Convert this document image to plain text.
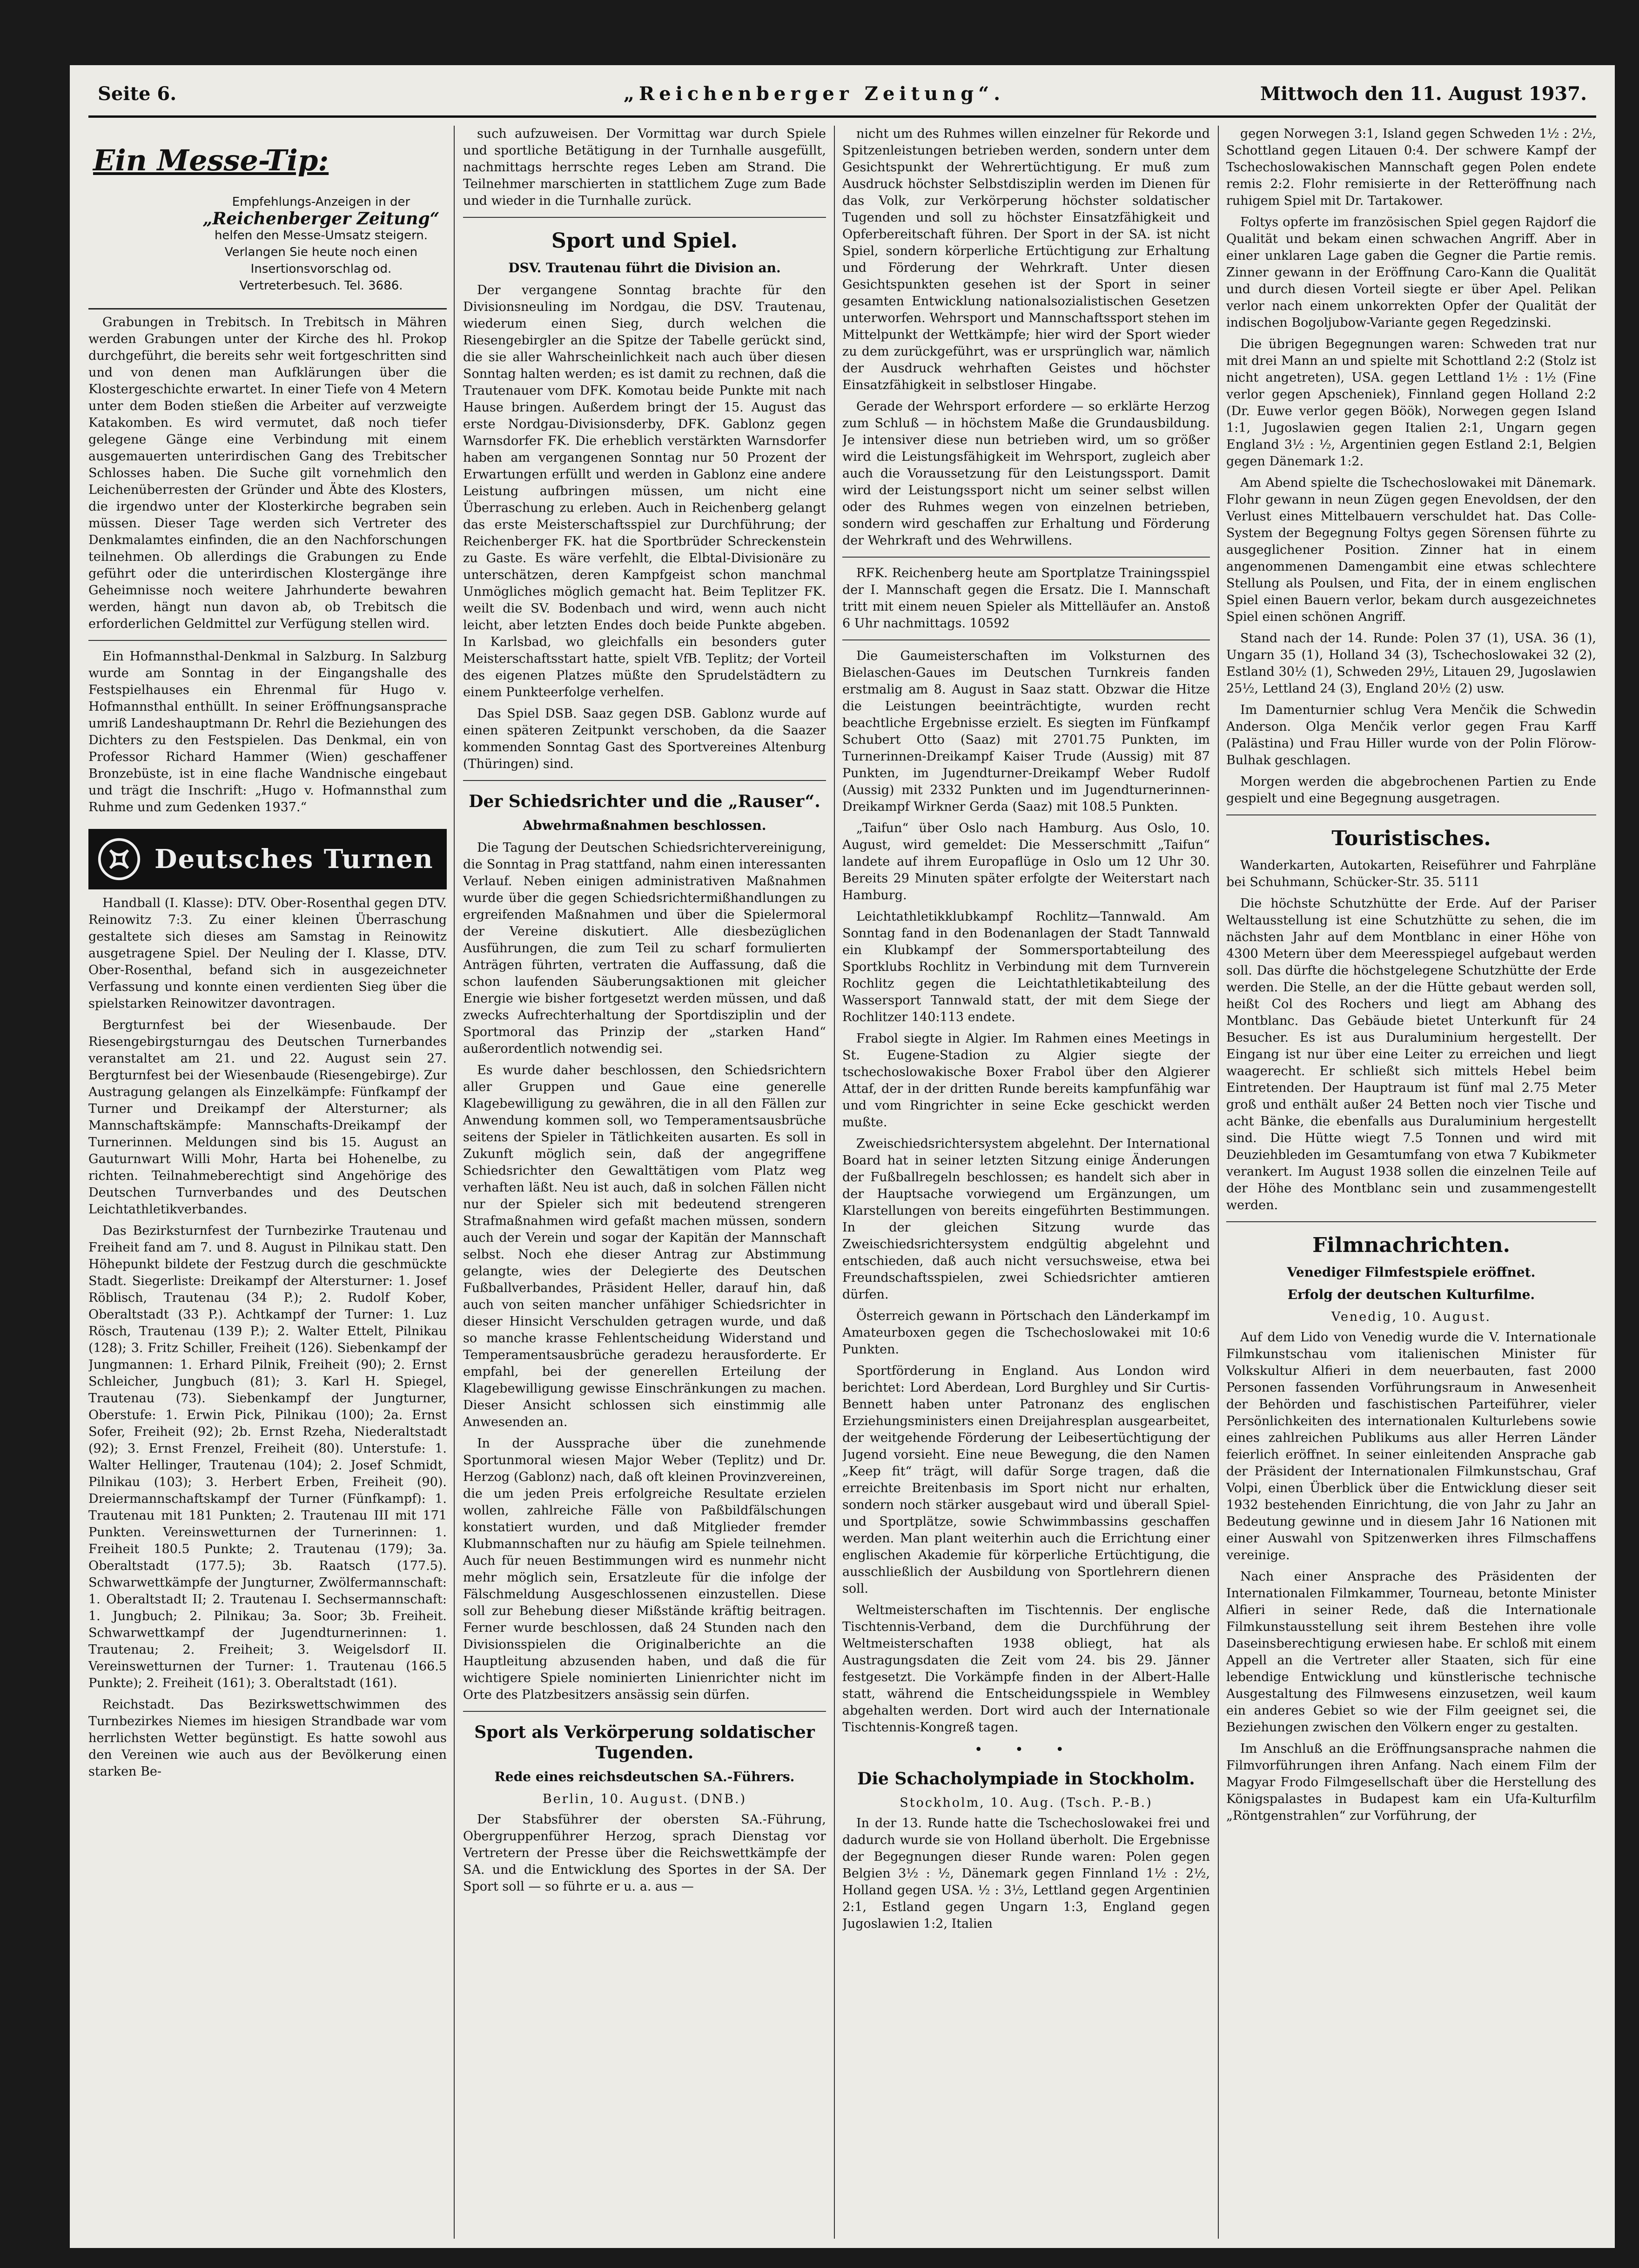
Seite 6.	„Reichenberger Zeitung“.	Mittwoch den 11. August 1937.
Ein Messe-Tip:
Empfehlungs-Anzeigen in der
„Reichenberger Zeitung“
helfen den Messe-Umsatz steigern. Verlangen Sie heute noch einen Insertionsvorschlag od. Vertreterbesuch. Tel. 3686.

Grabungen in Trebitsch. In Trebitsch in Mähren werden Grabungen unter der Kirche des hl. Prokop durchgeführt, die bereits sehr weit fortgeschritten sind und von denen man Aufklärungen über die Klostergeschichte erwartet. In einer Tiefe von 4 Metern unter dem Boden stießen die Arbeiter auf verzweigte Katakomben. Es wird vermutet, daß noch tiefer gelegene Gänge eine Verbindung mit einem ausgemauerten unterirdischen Gang des Trebitscher Schlosses haben. Die Suche gilt vornehmlich den Leichenüberresten der Gründer und Äbte des Klosters, die irgendwo unter der Klosterkirche begraben sein müssen. Dieser Tage werden sich Vertreter des Denkmalamtes einfinden, die an den Nachforschungen teilnehmen. Ob allerdings die Grabungen zu Ende geführt oder die unterirdischen Klostergänge ihre Geheimnisse noch weitere Jahrhunderte bewahren werden, hängt nun davon ab, ob Trebitsch die erforderlichen Geldmittel zur Verfügung stellen wird.

Ein Hofmannsthal-Denkmal in Salzburg. In Salzburg wurde am Sonntag in der Eingangshalle des Festspielhauses ein Ehrenmal für Hugo v. Hofmannsthal enthüllt. In seiner Eröffnungsansprache umriß Landeshauptmann Dr. Rehrl die Beziehungen des Dichters zu den Festspielen. Das Denkmal, ein von Professor Richard Hammer (Wien) geschaffener Bronzebüste, ist in eine flache Wandnische eingebaut und trägt die Inschrift: „Hugo v. Hofmannsthal zum Ruhme und zum Gedenken 1937.“

Deutsches Turnen

Handball (I. Klasse): DTV. Ober-Rosenthal gegen DTV. Reinowitz 7:3. Zu einer kleinen Überraschung gestaltete sich dieses am Samstag in Reinowitz ausgetragene Spiel. Der Neuling der I. Klasse, DTV. Ober-Rosenthal, befand sich in ausgezeichneter Verfassung und konnte einen verdienten Sieg über die spielstarken Reinowitzer davontragen.

Bergturnfest bei der Wiesenbaude. Der Riesengebirgsturngau des Deutschen Turnerbandes veranstaltet am 21. und 22. August sein 27. Bergturnfest bei der Wiesenbaude (Riesengebirge). Zur Austragung gelangen als Einzelkämpfe: Fünfkampf der Turner und Dreikampf der Altersturner; als Mannschaftskämpfe: Mannschafts-Dreikampf der Turnerinnen. Meldungen sind bis 15. August an Gauturnwart Willi Mohr, Harta bei Hohenelbe, zu richten. Teilnahmeberechtigt sind Angehörige des Deutschen Turnverbandes und des Deutschen Leichtathletikverbandes.

Das Bezirksturnfest der Turnbezirke Trautenau und Freiheit fand am 7. und 8. August in Pilnikau statt. Den Höhepunkt bildete der Festzug durch die geschmückte Stadt. Siegerliste: Dreikampf der Altersturner: 1. Josef Röblisch, Trautenau (34 P.); 2. Rudolf Kober, Oberaltstadt (33 P.). Achtkampf der Turner: 1. Luz Rösch, Trautenau (139 P.); 2. Walter Ettelt, Pilnikau (128); 3. Fritz Schiller, Freiheit (126). Siebenkampf der Jungmannen: 1. Erhard Pilnik, Freiheit (90); 2. Ernst Schleicher, Jungbuch (81); 3. Karl H. Spiegel, Trautenau (73). Siebenkampf der Jungturner, Oberstufe: 1. Erwin Pick, Pilnikau (100); 2a. Ernst Sofer, Freiheit (92); 2b. Ernst Rzeha, Niederaltstadt (92); 3. Ernst Frenzel, Freiheit (80). Unterstufe: 1. Walter Hellinger, Trautenau (104); 2. Josef Schmidt, Pilnikau (103); 3. Herbert Erben, Freiheit (90). Dreiermannschaftskampf der Turner (Fünfkampf): 1. Trautenau mit 181 Punkten; 2. Trautenau III mit 171 Punkten. Vereinswetturnen der Turnerinnen: 1. Freiheit 180.5 Punkte; 2. Trautenau (179); 3a. Oberaltstadt (177.5); 3b. Raatsch (177.5). Schwarwettkämpfe der Jungturner, Zwölfermannschaft: 1. Oberaltstadt II; 2. Trautenau I. Sechsermannschaft: 1. Jungbuch; 2. Pilnikau; 3a. Soor; 3b. Freiheit. Schwarwettkampf der Jugendturnerinnen: 1. Trautenau; 2. Freiheit; 3. Weigelsdorf II. Vereinswetturnen der Turner: 1. Trautenau (166.5 Punkte); 2. Freiheit (161); 3. Oberaltstadt (161).

Reichstadt. Das Bezirkswettschwimmen des Turnbezirkes Niemes im hiesigen Strandbade war vom herrlichsten Wetter begünstigt. Es hatte sowohl aus den Vereinen wie auch aus der Bevölkerung einen starken Be-

such aufzuweisen. Der Vormittag war durch Spiele und sportliche Betätigung in der Turnhalle ausgefüllt, nachmittags herrschte reges Leben am Strand. Die Teilnehmer marschierten in stattlichem Zuge zum Bade und wieder in die Turnhalle zurück.

Sport und Spiel.
DSV. Trautenau führt die Division an.

Der vergangene Sonntag brachte für den Divisionsneuling im Nordgau, die DSV. Trautenau, wiederum einen Sieg, durch welchen die Riesengebirgler an die Spitze der Tabelle gerückt sind, die sie aller Wahrscheinlichkeit nach auch über diesen Sonntag halten werden; es ist damit zu rechnen, daß die Trautenauer vom DFK. Komotau beide Punkte mit nach Hause bringen. Außerdem bringt der 15. August das erste Nordgau-Divisionsderby, DFK. Gablonz gegen Warnsdorfer FK. Die erheblich verstärkten Warnsdorfer haben am vergangenen Sonntag nur 50 Prozent der Erwartungen erfüllt und werden in Gablonz eine andere Leistung aufbringen müssen, um nicht eine Überraschung zu erleben. Auch in Reichenberg gelangt das erste Meisterschaftsspiel zur Durchführung; der Reichenberger FK. hat die Sportbrüder Schreckenstein zu Gaste. Es wäre verfehlt, die Elbtal-Divisionäre zu unterschätzen, deren Kampfgeist schon manchmal Unmögliches möglich gemacht hat. Beim Teplitzer FK. weilt die SV. Bodenbach und wird, wenn auch nicht leicht, aber letzten Endes doch beide Punkte abgeben. In Karlsbad, wo gleichfalls ein besonders guter Meisterschaftsstart hatte, spielt VfB. Teplitz; der Vorteil des eigenen Platzes müßte den Sprudelstädtern zu einem Punkteerfolge verhelfen.

Das Spiel DSB. Saaz gegen DSB. Gablonz wurde auf einen späteren Zeitpunkt verschoben, da die Saazer kommenden Sonntag Gast des Sportvereines Altenburg (Thüringen) sind.

Der Schiedsrichter und die „Rauser“.
Abwehrmaßnahmen beschlossen.

Die Tagung der Deutschen Schiedsrichtervereinigung, die Sonntag in Prag stattfand, nahm einen interessanten Verlauf. Neben einigen administrativen Maßnahmen wurde über die gegen Schiedsrichtermißhandlungen zu ergreifenden Maßnahmen und über die Spielermoral der Vereine diskutiert. Alle diesbezüglichen Ausführungen, die zum Teil zu scharf formulierten Anträgen führten, vertraten die Auffassung, daß die schon laufenden Säuberungsaktionen mit gleicher Energie wie bisher fortgesetzt werden müssen, und daß zwecks Aufrechterhaltung der Sportdisziplin und der Sportmoral das Prinzip der „starken Hand“ außerordentlich notwendig sei.

Es wurde daher beschlossen, den Schiedsrichtern aller Gruppen und Gaue eine generelle Klagebewilligung zu gewähren, die in all den Fällen zur Anwendung kommen soll, wo Temperamentsausbrüche seitens der Spieler in Tätlichkeiten ausarten. Es soll in Zukunft möglich sein, daß der angegriffene Schiedsrichter den Gewalttätigen vom Platz weg verhaften läßt. Neu ist auch, daß in solchen Fällen nicht nur der Spieler sich mit bedeutend strengeren Strafmaßnahmen wird gefaßt machen müssen, sondern auch der Verein und sogar der Kapitän der Mannschaft selbst. Noch ehe dieser Antrag zur Abstimmung gelangte, wies der Delegierte des Deutschen Fußballverbandes, Präsident Heller, darauf hin, daß auch von seiten mancher unfähiger Schiedsrichter in dieser Hinsicht Verschulden getragen wurde, und daß so manche krasse Fehlentscheidung Widerstand und Temperamentsausbrüche geradezu herausforderte. Er empfahl, bei der generellen Erteilung der Klagebewilligung gewisse Einschränkungen zu machen. Dieser Ansicht schlossen sich einstimmig alle Anwesenden an.

In der Aussprache über die zunehmende Sportunmoral wiesen Major Weber (Teplitz) und Dr. Herzog (Gablonz) nach, daß oft kleinen Provinzvereinen, die um jeden Preis erfolgreiche Resultate erzielen wollen, zahlreiche Fälle von Paßbildfälschungen konstatiert wurden, und daß Mitglieder fremder Klubmannschaften nur zu häufig am Spiele teilnehmen. Auch für neuen Bestimmungen wird es nunmehr nicht mehr möglich sein, Ersatzleute für die infolge der Fälschmeldung Ausgeschlossenen einzustellen. Diese soll zur Behebung dieser Mißstände kräftig beitragen. Ferner wurde beschlossen, daß 24 Stunden nach den Divisionsspielen die Originalberichte an die Hauptleitung abzusenden haben, und daß die für wichtigere Spiele nominierten Linienrichter nicht im Orte des Platzbesitzers ansässig sein dürfen.

Sport als Verkörperung soldatischer Tugenden.
Rede eines reichsdeutschen SA.-Führers.
Berlin, 10. August. (DNB.)

Der Stabsführer der obersten SA.-Führung, Obergruppenführer Herzog, sprach Dienstag vor Vertretern der Presse über die Reichswettkämpfe der SA. und die Entwicklung des Sportes in der SA. Der Sport soll — so führte er u. a. aus —

nicht um des Ruhmes willen einzelner für Rekorde und Spitzenleistungen betrieben werden, sondern unter dem Gesichtspunkt der Wehrertüchtigung. Er muß zum Ausdruck höchster Selbstdisziplin werden im Dienen für das Volk, zur Verkörperung höchster soldatischer Tugenden und soll zu höchster Einsatzfähigkeit und Opferbereitschaft führen. Der Sport in der SA. ist nicht Spiel, sondern körperliche Ertüchtigung zur Erhaltung und Förderung der Wehrkraft. Unter diesen Gesichtspunkten gesehen ist der Sport in seiner gesamten Entwicklung nationalsozialistischen Gesetzen unterworfen. Wehrsport und Mannschaftssport stehen im Mittelpunkt der Wettkämpfe; hier wird der Sport wieder zu dem zurückgeführt, was er ursprünglich war, nämlich der Ausdruck wehrhaften Geistes und höchster Einsatzfähigkeit in selbstloser Hingabe.

Gerade der Wehrsport erfordere — so erklärte Herzog zum Schluß — in höchstem Maße die Grundausbildung. Je intensiver diese nun betrieben wird, um so größer wird die Leistungsfähigkeit im Wehrsport, zugleich aber auch die Voraussetzung für den Leistungssport. Damit wird der Leistungssport nicht um seiner selbst willen oder des Ruhmes wegen von einzelnen betrieben, sondern wird geschaffen zur Erhaltung und Förderung der Wehrkraft und des Wehrwillens.

RFK. Reichenberg heute am Sportplatze Trainingsspiel der I. Mannschaft gegen die Ersatz. Die I. Mannschaft tritt mit einem neuen Spieler als Mittelläufer an. Anstoß 6 Uhr nachmittags. 10592

Die Gaumeisterschaften im Volksturnen des Bielaschen-Gaues im Deutschen Turnkreis fanden erstmalig am 8. August in Saaz statt. Obzwar die Hitze die Leistungen beeinträchtigte, wurden recht beachtliche Ergebnisse erzielt. Es siegten im Fünfkampf Schubert Otto (Saaz) mit 2701.75 Punkten, im Turnerinnen-Dreikampf Kaiser Trude (Aussig) mit 87 Punkten, im Jugendturner-Dreikampf Weber Rudolf (Aussig) mit 2332 Punkten und im Jugendturnerinnen-Dreikampf Wirkner Gerda (Saaz) mit 108.5 Punkten.

„Taifun“ über Oslo nach Hamburg. Aus Oslo, 10. August, wird gemeldet: Die Messerschmitt „Taifun“ landete auf ihrem Europaflüge in Oslo um 12 Uhr 30. Bereits 29 Minuten später erfolgte der Weiterstart nach Hamburg.

Leichtathletikklubkampf Rochlitz—Tannwald. Am Sonntag fand in den Bodenanlagen der Stadt Tannwald ein Klubkampf der Sommersportabteilung des Sportklubs Rochlitz in Verbindung mit dem Turnverein Rochlitz gegen die Leichtathletikabteilung des Wassersport Tannwald statt, der mit dem Siege der Rochlitzer 140:113 endete.

Frabol siegte in Algier. Im Rahmen eines Meetings in St. Eugene-Stadion zu Algier siegte der tschechoslowakische Boxer Frabol über den Algierer Attaf, der in der dritten Runde bereits kampfunfähig war und vom Ringrichter in seine Ecke geschickt werden mußte.

Zweischiedsrichtersystem abgelehnt. Der International Board hat in seiner letzten Sitzung einige Änderungen der Fußballregeln beschlossen; es handelt sich aber in der Hauptsache vorwiegend um Ergänzungen, um Klarstellungen von bereits eingeführten Bestimmungen. In der gleichen Sitzung wurde das Zweischiedsrichtersystem endgültig abgelehnt und entschieden, daß auch nicht versuchsweise, etwa bei Freundschaftsspielen, zwei Schiedsrichter amtieren dürfen.

Österreich gewann in Pörtschach den Länderkampf im Amateurboxen gegen die Tschechoslowakei mit 10:6 Punkten.

Sportförderung in England. Aus London wird berichtet: Lord Aberdean, Lord Burghley und Sir Curtis-Bennett haben unter Patronanz des englischen Erziehungsministers einen Dreijahresplan ausgearbeitet, der weitgehende Förderung der Leibesertüchtigung der Jugend vorsieht. Eine neue Bewegung, die den Namen „Keep fit“ trägt, will dafür Sorge tragen, daß die erreichte Breitenbasis im Sport nicht nur erhalten, sondern noch stärker ausgebaut wird und überall Spiel- und Sportplätze, sowie Schwimmbassins geschaffen werden. Man plant weiterhin auch die Errichtung einer englischen Akademie für körperliche Ertüchtigung, die ausschließlich der Ausbildung von Sportlehrern dienen soll.

Weltmeisterschaften im Tischtennis. Der englische Tischtennis-Verband, dem die Durchführung der Weltmeisterschaften 1938 obliegt, hat als Austragungsdaten die Zeit vom 24. bis 29. Jänner festgesetzt. Die Vorkämpfe finden in der Albert-Halle statt, während die Entscheidungsspiele in Wembley abgehalten werden. Dort wird auch der Internationale Tischtennis-Kongreß tagen.

• • •
Die Schacholympiade in Stockholm.
Stockholm, 10. Aug. (Tsch. P.-B.)

In der 13. Runde hatte die Tschechoslowakei frei und dadurch wurde sie von Holland überholt. Die Ergebnisse der Begegnungen dieser Runde waren: Polen gegen Belgien 3½ : ½, Dänemark gegen Finnland 1½ : 2½, Holland gegen USA. ½ : 3½, Lettland gegen Argentinien 2:1, Estland gegen Ungarn 1:3, England gegen Jugoslawien 1:2, Italien

gegen Norwegen 3:1, Island gegen Schweden 1½ : 2½, Schottland gegen Litauen 0:4. Der schwere Kampf der Tschechoslowakischen Mannschaft gegen Polen endete remis 2:2. Flohr remisierte in der Retteröffnung nach ruhigem Spiel mit Dr. Tartakower.

Foltys opferte im französischen Spiel gegen Rajdorf die Qualität und bekam einen schwachen Angriff. Aber in einer unklaren Lage gaben die Gegner die Partie remis. Zinner gewann in der Eröffnung Caro-Kann die Qualität und durch diesen Vorteil siegte er über Apel. Pelikan verlor nach einem unkorrekten Opfer der Qualität der indischen Bogoljubow-Variante gegen Regedzinski.

Die übrigen Begegnungen waren: Schweden trat nur mit drei Mann an und spielte mit Schottland 2:2 (Stolz ist nicht angetreten), USA. gegen Lettland 1½ : 1½ (Fine verlor gegen Apscheniek), Finnland gegen Holland 2:2 (Dr. Euwe verlor gegen Böök), Norwegen gegen Island 1:1, Jugoslawien gegen Italien 2:1, Ungarn gegen England 3½ : ½, Argentinien gegen Estland 2:1, Belgien gegen Dänemark 1:2.

Am Abend spielte die Tschechoslowakei mit Dänemark. Flohr gewann in neun Zügen gegen Enevoldsen, der den Verlust eines Mittelbauern verschuldet hat. Das Colle-System der Begegnung Foltys gegen Sörensen führte zu ausgeglichener Position. Zinner hat in einem angenommenen Damengambit eine etwas schlechtere Stellung als Poulsen, und Fita, der in einem englischen Spiel einen Bauern verlor, bekam durch ausgezeichnetes Spiel einen schönen Angriff.

Stand nach der 14. Runde: Polen 37 (1), USA. 36 (1), Ungarn 35 (1), Holland 34 (3), Tschechoslowakei 32 (2), Estland 30½ (1), Schweden 29½, Litauen 29, Jugoslawien 25½, Lettland 24 (3), England 20½ (2) usw.

Im Damenturnier schlug Vera Menčik die Schwedin Anderson. Olga Menčik verlor gegen Frau Karff (Palästina) und Frau Hiller wurde von der Polin Flörow-Bulhak geschlagen.

Morgen werden die abgebrochenen Partien zu Ende gespielt und eine Begegnung ausgetragen.

Touristisches.

Wanderkarten, Autokarten, Reiseführer und Fahrpläne bei Schuhmann, Schücker-Str. 35. 5111

Die höchste Schutzhütte der Erde. Auf der Pariser Weltausstellung ist eine Schutzhütte zu sehen, die im nächsten Jahr auf dem Montblanc in einer Höhe von 4300 Metern über dem Meeresspiegel aufgebaut werden soll. Das dürfte die höchstgelegene Schutzhütte der Erde werden. Die Stelle, an der die Hütte gebaut werden soll, heißt Col des Rochers und liegt am Abhang des Montblanc. Das Gebäude bietet Unterkunft für 24 Besucher. Es ist aus Duraluminium hergestellt. Der Eingang ist nur über eine Leiter zu erreichen und liegt waagerecht. Er schließt sich mittels Hebel beim Eintretenden. Der Hauptraum ist fünf mal 2.75 Meter groß und enthält außer 24 Betten noch vier Tische und acht Bänke, die ebenfalls aus Duraluminium hergestellt sind. Die Hütte wiegt 7.5 Tonnen und wird mit Deuziehbleden im Gesamtumfang von etwa 7 Kubikmeter verankert. Im August 1938 sollen die einzelnen Teile auf der Höhe des Montblanc sein und zusammengestellt werden.

Filmnachrichten.
Venediger Filmfestspiele eröffnet.
Erfolg der deutschen Kulturfilme.
Venedig, 10. August.

Auf dem Lido von Venedig wurde die V. Internationale Filmkunstschau vom italienischen Minister für Volkskultur Alfieri in dem neuerbauten, fast 2000 Personen fassenden Vorführungsraum in Anwesenheit der Behörden und faschistischen Parteiführer, vieler Persönlichkeiten des internationalen Kulturlebens sowie eines zahlreichen Publikums aus aller Herren Länder feierlich eröffnet. In seiner einleitenden Ansprache gab der Präsident der Internationalen Filmkunstschau, Graf Volpi, einen Überblick über die Entwicklung dieser seit 1932 bestehenden Einrichtung, die von Jahr zu Jahr an Bedeutung gewinne und in diesem Jahr 16 Nationen mit einer Auswahl von Spitzenwerken ihres Filmschaffens vereinige.

Nach einer Ansprache des Präsidenten der Internationalen Filmkammer, Tourneau, betonte Minister Alfieri in seiner Rede, daß die Internationale Filmkunstausstellung seit ihrem Bestehen ihre volle Daseinsberechtigung erwiesen habe. Er schloß mit einem Appell an die Vertreter aller Staaten, sich für eine lebendige Entwicklung und künstlerische technische Ausgestaltung des Filmwesens einzusetzen, weil kaum ein anderes Gebiet so wie der Film geeignet sei, die Beziehungen zwischen den Völkern enger zu gestalten.

Im Anschluß an die Eröffnungsansprache nahmen die Filmvorführungen ihren Anfang. Nach einem Film der Magyar Frodo Filmgesellschaft über die Herstellung des Königspalastes in Budapest kam ein Ufa-Kulturfilm „Röntgenstrahlen“ zur Vorführung, der
